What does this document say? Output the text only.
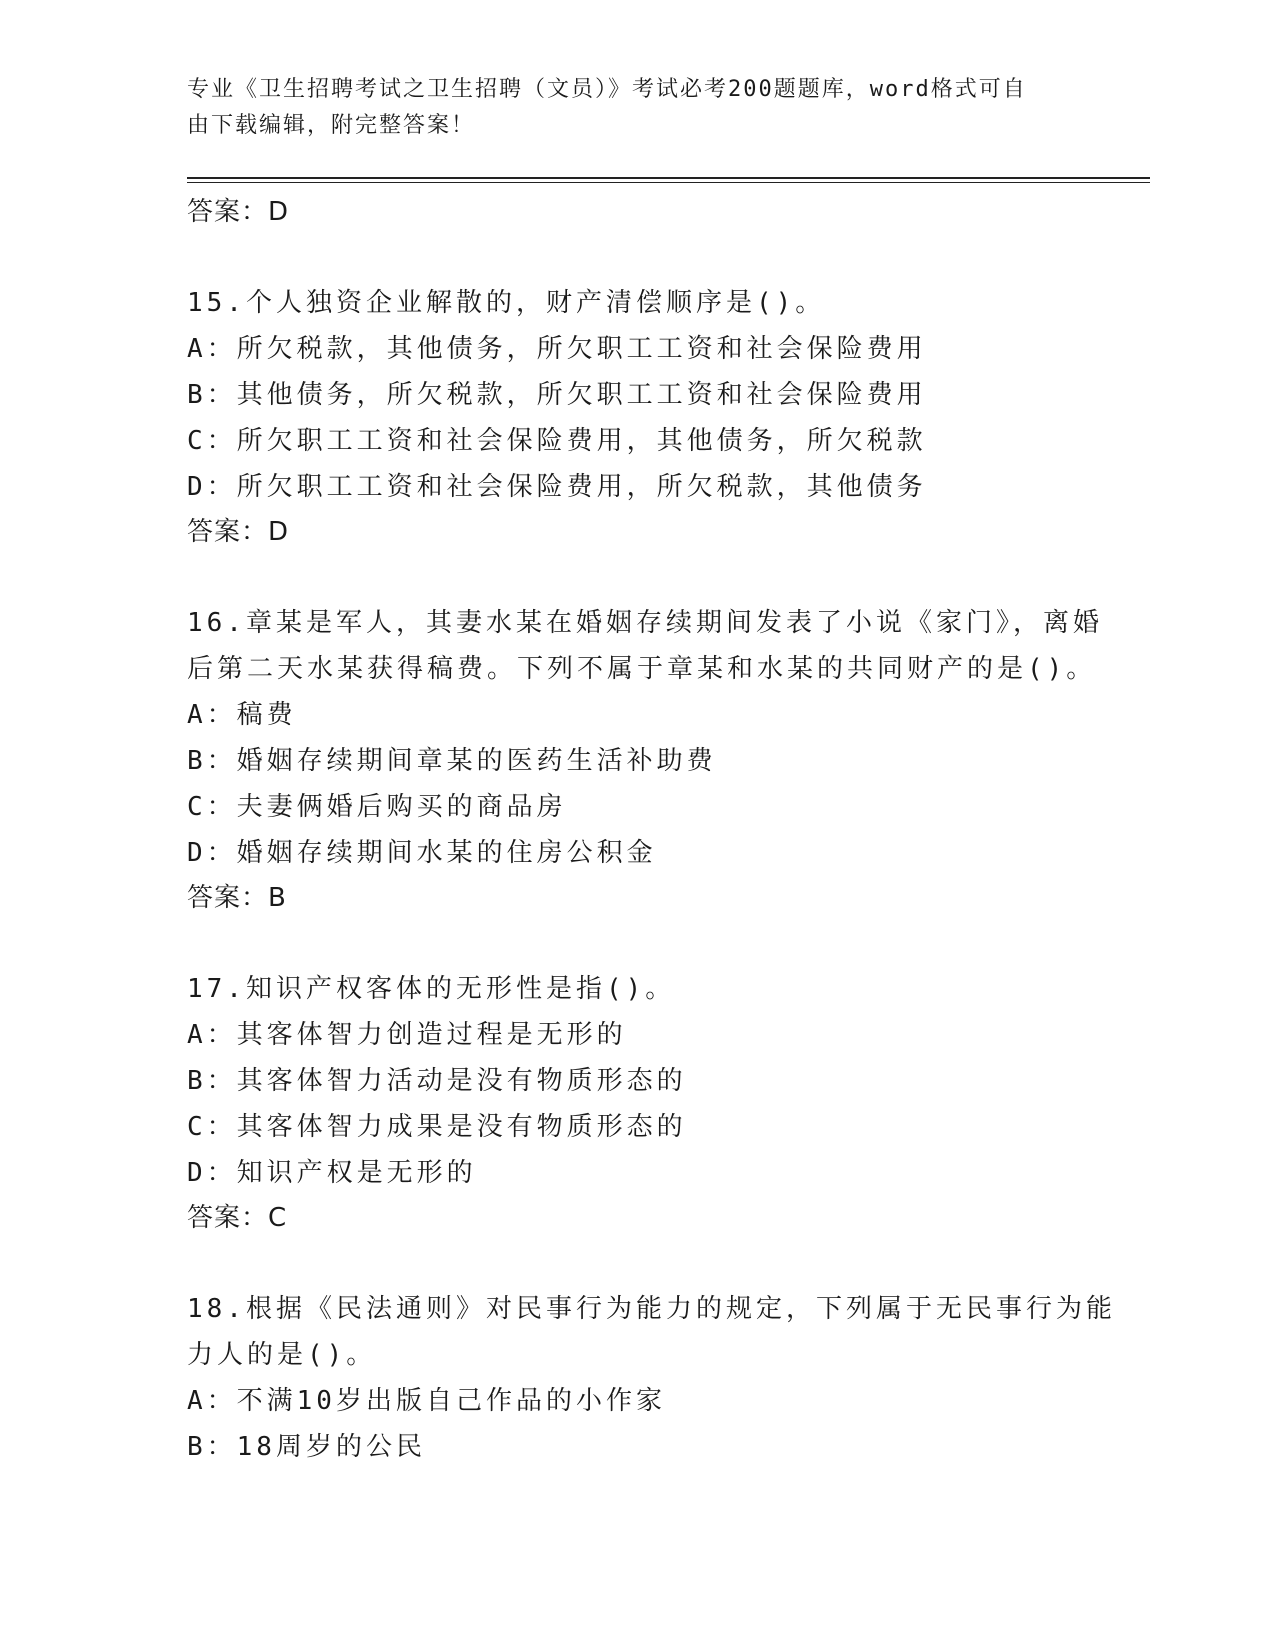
专业《卫生招聘考试之卫生招聘（文员）》考试必考200题题库，word格式可自
由下载编辑，附完整答案！
答案：D
15.个人独资企业解散的，财产清偿顺序是()。
A：所欠税款，其他债务，所欠职工工资和社会保险费用
B：其他债务，所欠税款，所欠职工工资和社会保险费用
C：所欠职工工资和社会保险费用，其他债务，所欠税款
D：所欠职工工资和社会保险费用，所欠税款，其他债务
答案：D
16.章某是军人，其妻水某在婚姻存续期间发表了小说《家门》，离婚
后第二天水某获得稿费。下列不属于章某和水某的共同财产的是()。
A：稿费
B：婚姻存续期间章某的医药生活补助费
C：夫妻俩婚后购买的商品房
D：婚姻存续期间水某的住房公积金
答案：B
17.知识产权客体的无形性是指()。
A：其客体智力创造过程是无形的
B：其客体智力活动是没有物质形态的
C：其客体智力成果是没有物质形态的
D：知识产权是无形的
答案：C
18.根据《民法通则》对民事行为能力的规定，下列属于无民事行为能
力人的是()。
A：不满10岁出版自己作品的小作家
B：18周岁的公民
